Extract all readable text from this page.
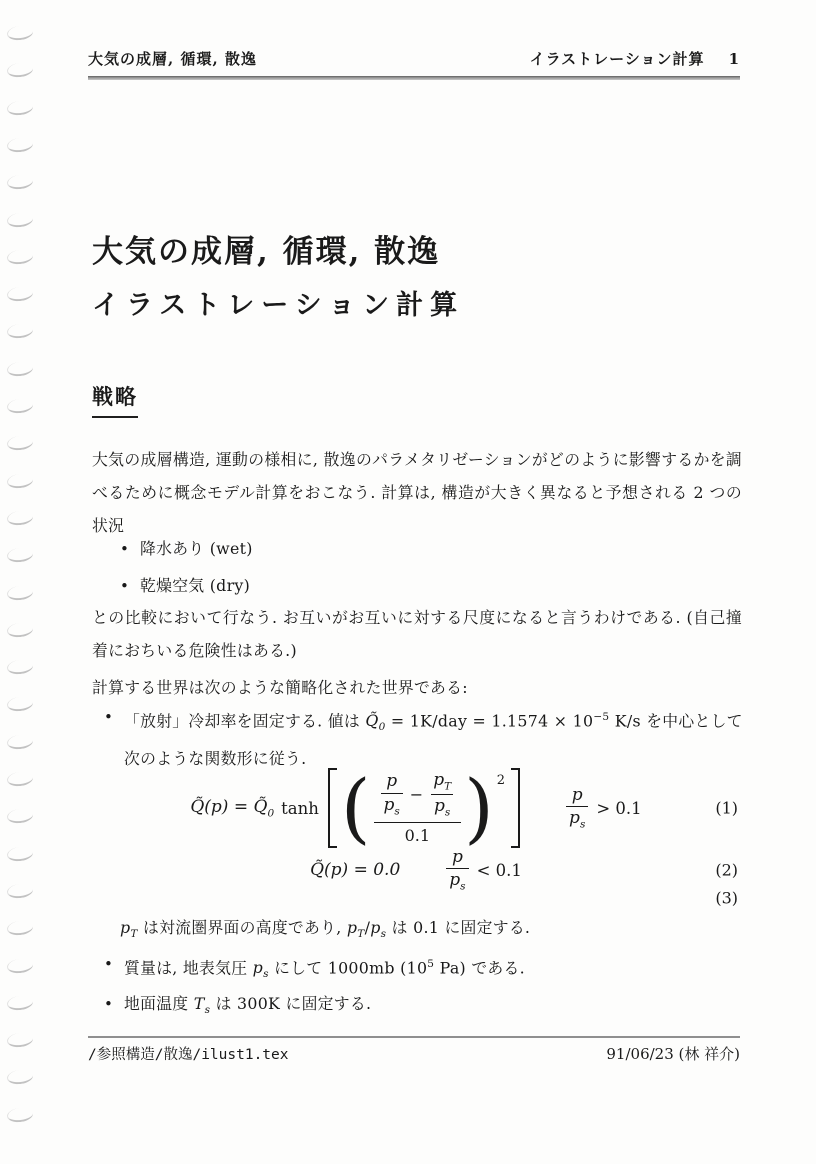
大気の成層, 循環, 散逸	イラストレーション計算 1
大気の成層, 循環, 散逸
イラストレーション計算
戦略
大気の成層構造, 運動の様相に, 散逸のパラメタリゼーションがどのように影響するかを調べるために概念モデル計算をおこなう. 計算は, 構造が大きく異なると予想される 2 つの状況
• 降水あり (wet)
• 乾燥空気 (dry)
との比較において行なう. お互いがお互いに対する尺度になると言うわけである. (自己撞着におちいる危険性はある.)
計算する世界は次のような簡略化された世界である:
• 「放射」冷却率を固定する. 値は $Q̃_0 = 1K/day = 1.1574 \times 10^{-5}$ K/s を中心として次のような関数形に従う.
Q̃(p) = $Q̃_0$ tanh ( p
$p_s$
− $\frac{p_T}{p_s}$
0.1 ) 2
p
$p_s$
> 0.1	(1)
Q̃(p) = 0.0
p
$p_s$
< 0.1	(2)
(3)
$p_T$ は対流圏界面の高度であり, $p_T/p_s$ は 0.1 に固定する.
• 質量は, 地表気圧 $p_s$ にして 1000mb ($10^5$ Pa) である.
• 地面温度 $T_s$ は 300K に固定する.
/参照構造/散逸/ilust1.tex	91/06/23 (林 祥介)
